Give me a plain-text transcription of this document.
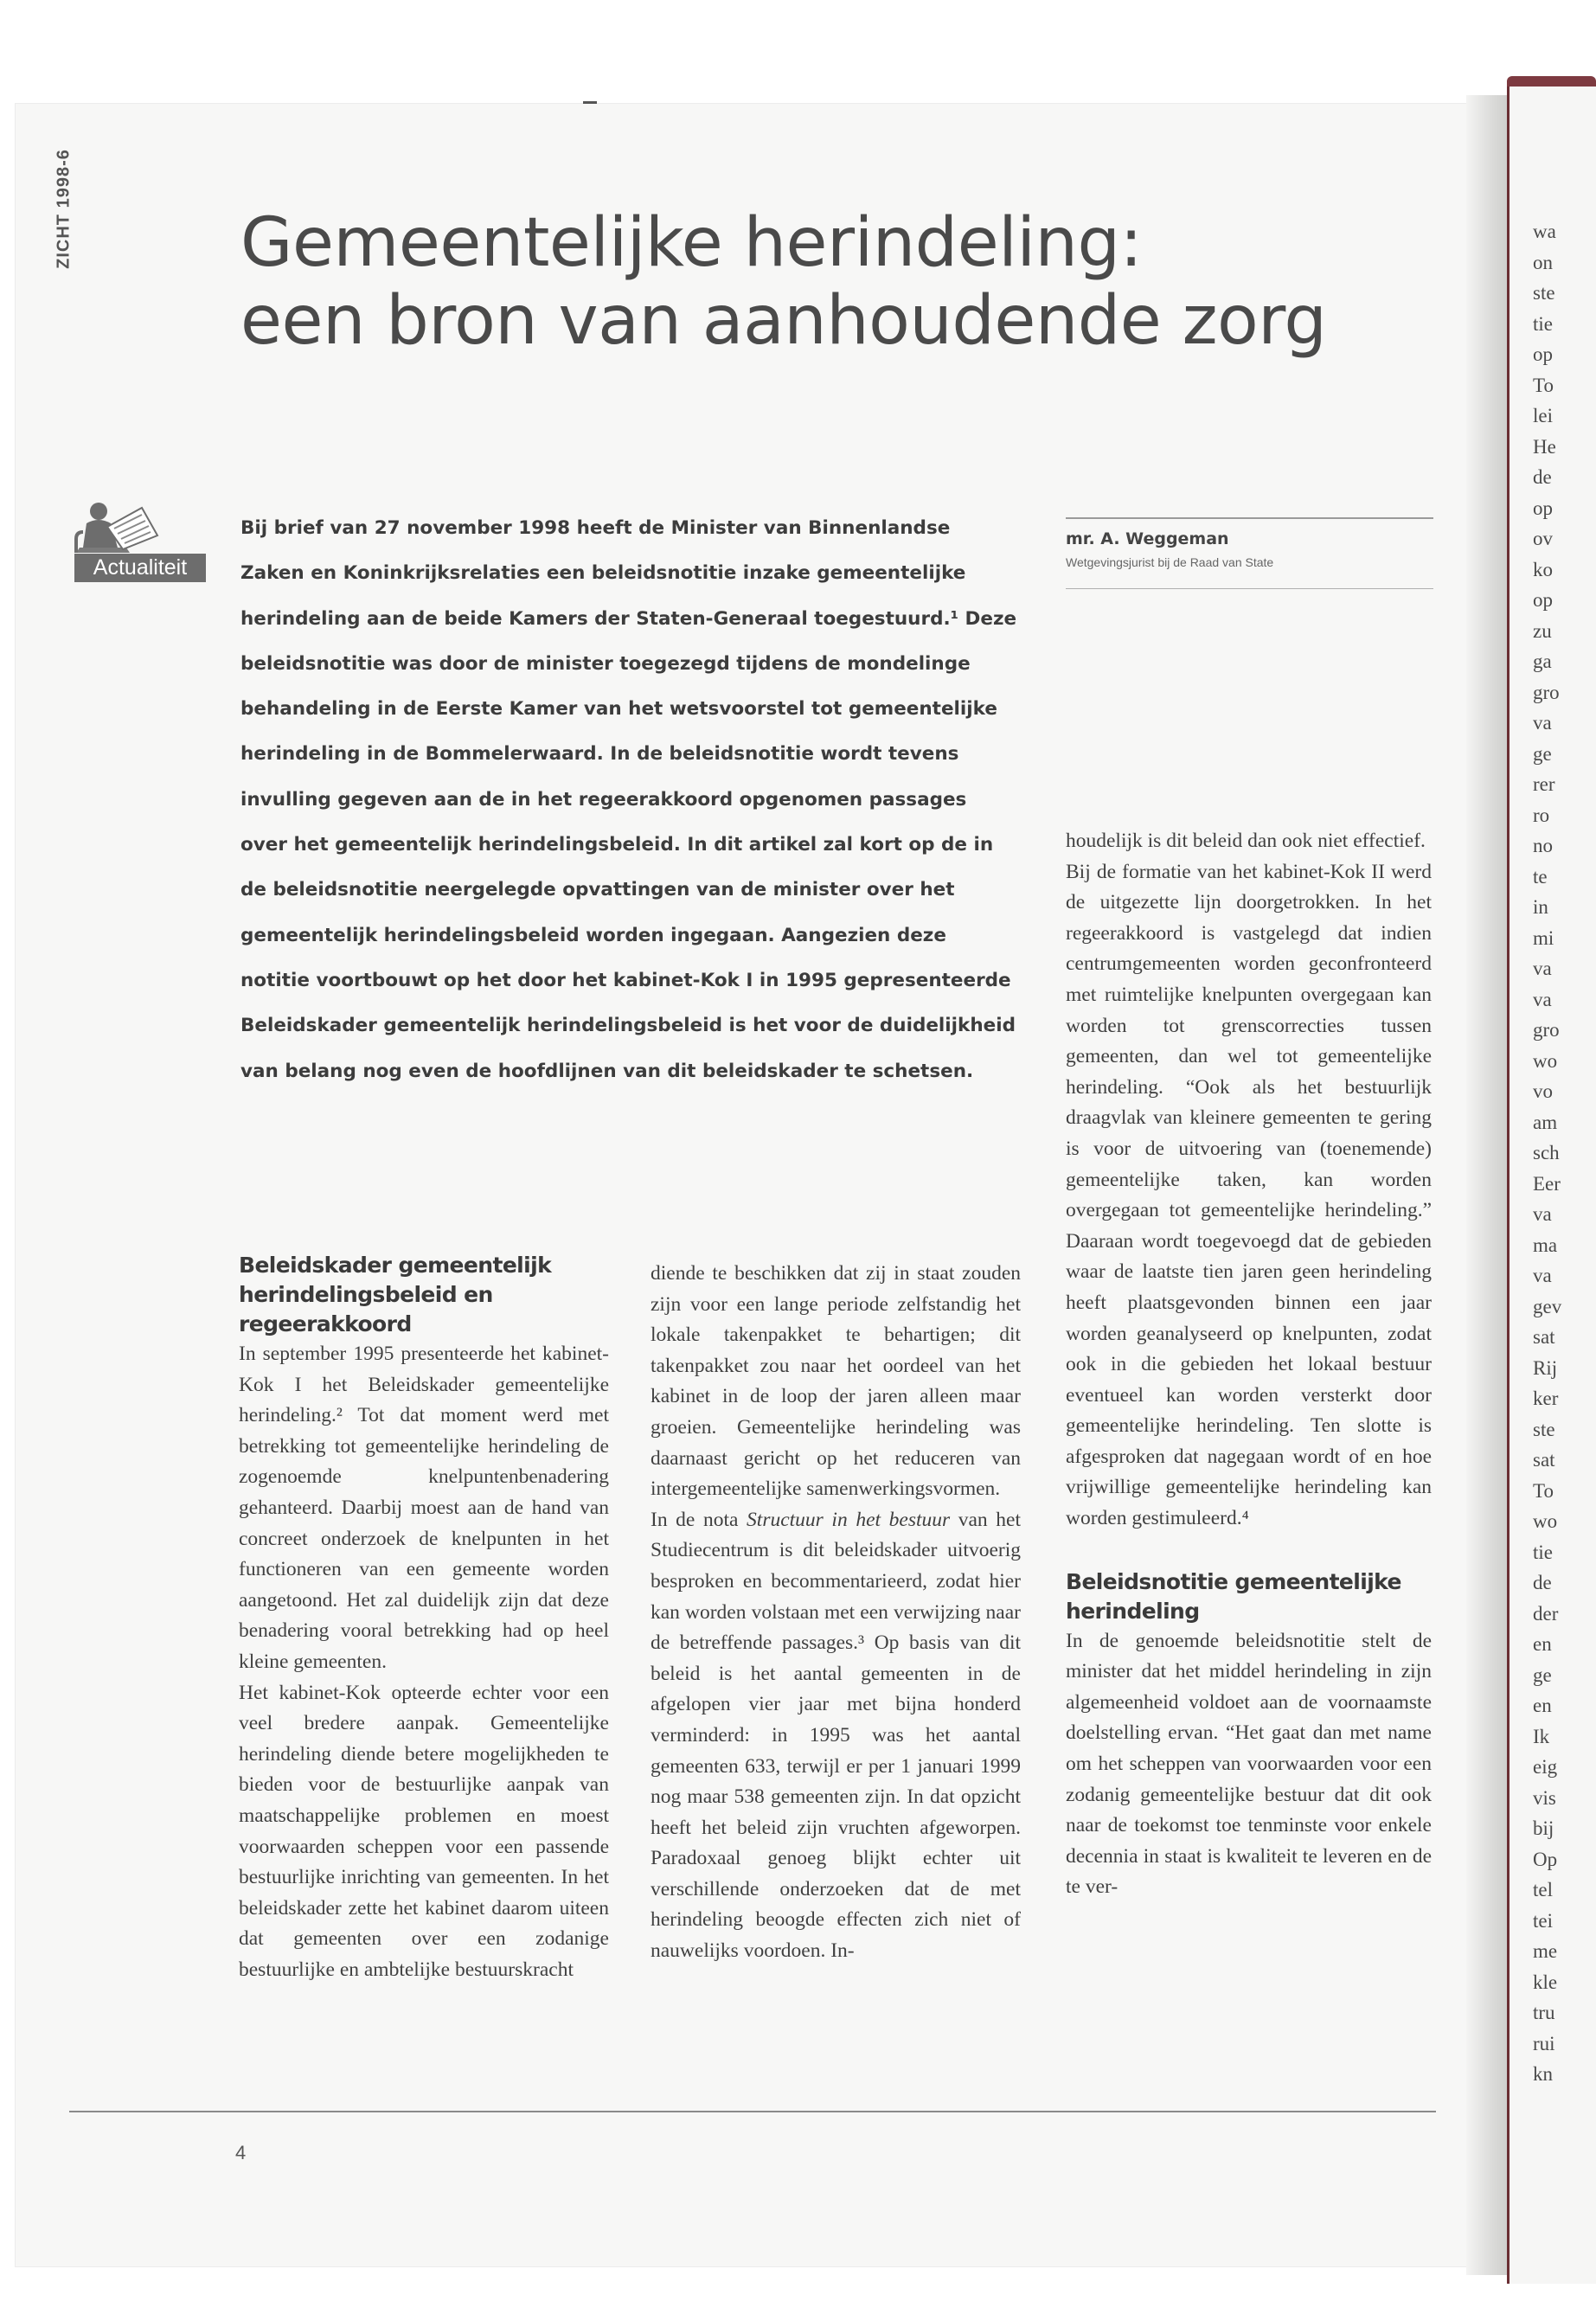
wa
on
ste
tie
op
To
lei
He
de
op
ov
ko
op
zu
ga
gro
va
ge
rer
ro
no
te
in
mi
va
va
gro
wo
vo
am
sch
Eer
va
ma
va
gev
sat
Rij
ker
ste
sat
To
wo
tie
de
der
en
ge
en
Ik
eig
vis
bij
Op
tel
tei
me
kle
tru
rui
kn
ZICHT 1998-6 Gemeentelijke herindeling:
een bron van aanhoudende zorg
Actualiteit

Bij brief van 27 november 1998 heeft de Minister van Binnenlandse Zaken en Koninkrijksrelaties een beleidsnotitie inzake gemeentelijke herindeling aan de beide Kamers der Staten-Generaal toegestuurd.¹ Deze beleidsnotitie was door de minister toegezegd tijdens de mondelinge behandeling in de Eerste Kamer van het wetsvoorstel tot gemeentelijke herindeling in de Bommelerwaard. In de beleidsnotitie wordt tevens invulling gegeven aan de in het regeerakkoord opgenomen passages over het gemeentelijk herindelingsbeleid. In dit artikel zal kort op de in de beleidsnotitie neergelegde opvattingen van de minister over het gemeentelijk herindelingsbeleid worden ingegaan. Aangezien deze notitie voortbouwt op het door het kabinet-Kok I in 1995 gepresenteerde Beleidskader gemeentelijk herindelingsbeleid is het voor de duidelijkheid van belang nog even de hoofdlijnen van dit beleidskader te schetsen.

mr. A. Weggeman
Wetgevingsjurist bij de Raad van State
Beleidskader gemeentelijk herindelingsbeleid en regeerakkoord

In september 1995 presenteerde het kabinet-Kok I het Beleidskader gemeentelijke herindeling.² Tot dat moment werd met betrekking tot gemeentelijke herindeling de zogenoemde knelpuntenbenadering gehanteerd. Daarbij moest aan de hand van concreet onderzoek de knelpunten in het functioneren van een gemeente worden aangetoond. Het zal duidelijk zijn dat deze benadering vooral betrekking had op heel kleine gemeenten.

Het kabinet-Kok opteerde echter voor een veel bredere aanpak. Gemeentelijke herindeling diende betere mogelijkheden te bieden voor de bestuurlijke aanpak van maatschappelijke problemen en moest voorwaarden scheppen voor een passende bestuurlijke inrichting van gemeenten. In het beleidskader zette het kabinet daarom uiteen dat gemeenten over een zodanige bestuurlijke en ambtelijke bestuurskracht

diende te beschikken dat zij in staat zouden zijn voor een lange periode zelfstandig het lokale takenpakket te behartigen; dit takenpakket zou naar het oordeel van het kabinet in de loop der jaren alleen maar groeien. Gemeentelijke herindeling was daarnaast gericht op het reduceren van intergemeentelijke samenwerkingsvormen.

In de nota Structuur in het bestuur van het Studiecentrum is dit beleidskader uitvoerig besproken en becommentarieerd, zodat hier kan worden volstaan met een verwijzing naar de betreffende passages.³ Op basis van dit beleid is het aantal gemeenten in de afgelopen vier jaar met bijna honderd verminderd: in 1995 was het aantal gemeenten 633, terwijl er per 1 januari 1999 nog maar 538 gemeenten zijn. In dat opzicht heeft het beleid zijn vruchten afgeworpen. Paradoxaal genoeg blijkt echter uit verschillende onderzoeken dat de met herindeling beoogde effecten zich niet of nauwelijks voordoen. In-

houdelijk is dit beleid dan ook niet effectief.

Bij de formatie van het kabinet-Kok II werd de uitgezette lijn doorgetrokken. In het regeerakkoord is vastgelegd dat indien centrumgemeenten worden geconfronteerd met ruimtelijke knelpunten overgegaan kan worden tot grenscorrecties tussen gemeenten, dan wel tot gemeentelijke herindeling. “Ook als het bestuurlijk draagvlak van kleinere gemeenten te gering is voor de uitvoering van (toenemende) gemeentelijke taken, kan worden overgegaan tot gemeentelijke herindeling.” Daaraan wordt toegevoegd dat de gebieden waar de laatste tien jaren geen herindeling heeft plaatsgevonden binnen een jaar worden geanalyseerd op knelpunten, zodat ook in die gebieden het lokaal bestuur eventueel kan worden versterkt door gemeentelijke herindeling. Ten slotte is afgesproken dat nagegaan wordt of en hoe vrijwillige gemeentelijke herindeling kan worden gestimuleerd.⁴

Beleidsnotitie gemeentelijke herindeling

In de genoemde beleidsnotitie stelt de minister dat het middel herindeling in zijn algemeenheid voldoet aan de voornaamste doelstelling ervan. “Het gaat dan met name om het scheppen van voorwaarden voor een zodanig gemeentelijke bestuur dat dit ook naar de toekomst toe tenminste voor enkele decennia in staat is kwaliteit te leveren en de te ver-

4
